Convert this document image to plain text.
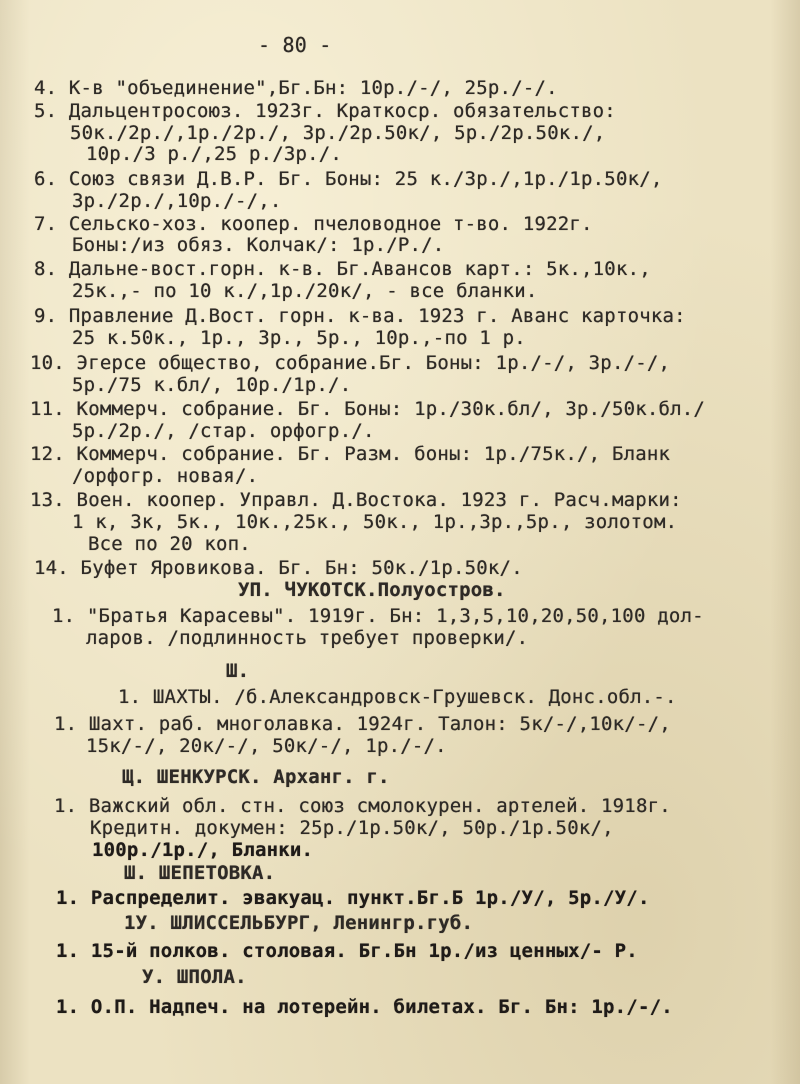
- 80 -
4. К-в "объединение",Бг.Бн: 10р./-/, 25р./-/.
5. Дальцентросоюз. 1923г. Краткоср. обязательство:
50к./2р./,1р./2р./, 3р./2р.50к/, 5р./2р.50к./,
10р./3 р./,25 р./3р./.
6. Союз связи Д.В.Р. Бг. Боны: 25 к./3р./,1р./1р.50к/,
3р./2р./,10р./-/,.
7. Сельско-хоз. коопер. пчеловодное т-во. 1922г.
Боны:/из обяз. Колчак/: 1р./Р./.
8. Дальне-вост.горн. к-в. Бг.Авансов карт.: 5к.,10к.,
25к.,- по 10 к./,1р./20к/, - все бланки.
9. Правление Д.Вост. горн. к-ва. 1923 г. Аванс карточка:
25 к.50к., 1р., 3р., 5р., 10р.,-по 1 р.
10. Эгерсе общество, собрание.Бг. Боны: 1р./-/, 3р./-/,
5р./75 к.бл/, 10р./1р./.
11. Коммерч. собрание. Бг. Боны: 1р./30к.бл/, 3р./50к.бл./
5р./2р./, /стар. орфогр./.
12. Коммерч. собрание. Бг. Разм. боны: 1р./75к./, Бланк
/орфогр. новая/.
13. Воен. коопер. Управл. Д.Востока. 1923 г. Расч.марки:
1 к, 3к, 5к., 10к.,25к., 50к., 1р.,3р.,5р., золотом.
Все по 20 коп.
14. Буфет Яровикова. Бг. Бн: 50к./1р.50к/.
УП. ЧУКОТСК.Полуостров.
1. "Братья Карасевы". 1919г. Бн: 1,3,5,10,20,50,100 дол-
ларов. /подлинность требует проверки/.
Ш.
1. ШАХТЫ. /б.Александровск-Грушевск. Донс.обл.-.
1. Шахт. раб. многолавка. 1924г. Талон: 5к/-/,10к/-/,
15к/-/, 20к/-/, 50к/-/, 1р./-/.
Щ. ШЕНКУРСК. Арханг. г.
1. Важский обл. стн. союз смолокурен. артелей. 1918г.
Кредитн. докумен: 25р./1р.50к/, 50р./1р.50к/,
100р./1р./, Бланки.
Ш. ШЕПЕТОВКА.
1. Распределит. эвакуац. пункт.Бг.Б 1р./У/, 5р./У/.
1У. ШЛИССЕЛЬБУРГ, Ленингр.губ.
1. 15-й полков. столовая. Бг.Бн 1р./из ценных/- Р.
У. ШПОЛА.
1. О.П. Надпеч. на лотерейн. билетах. Бг. Бн: 1р./-/.
